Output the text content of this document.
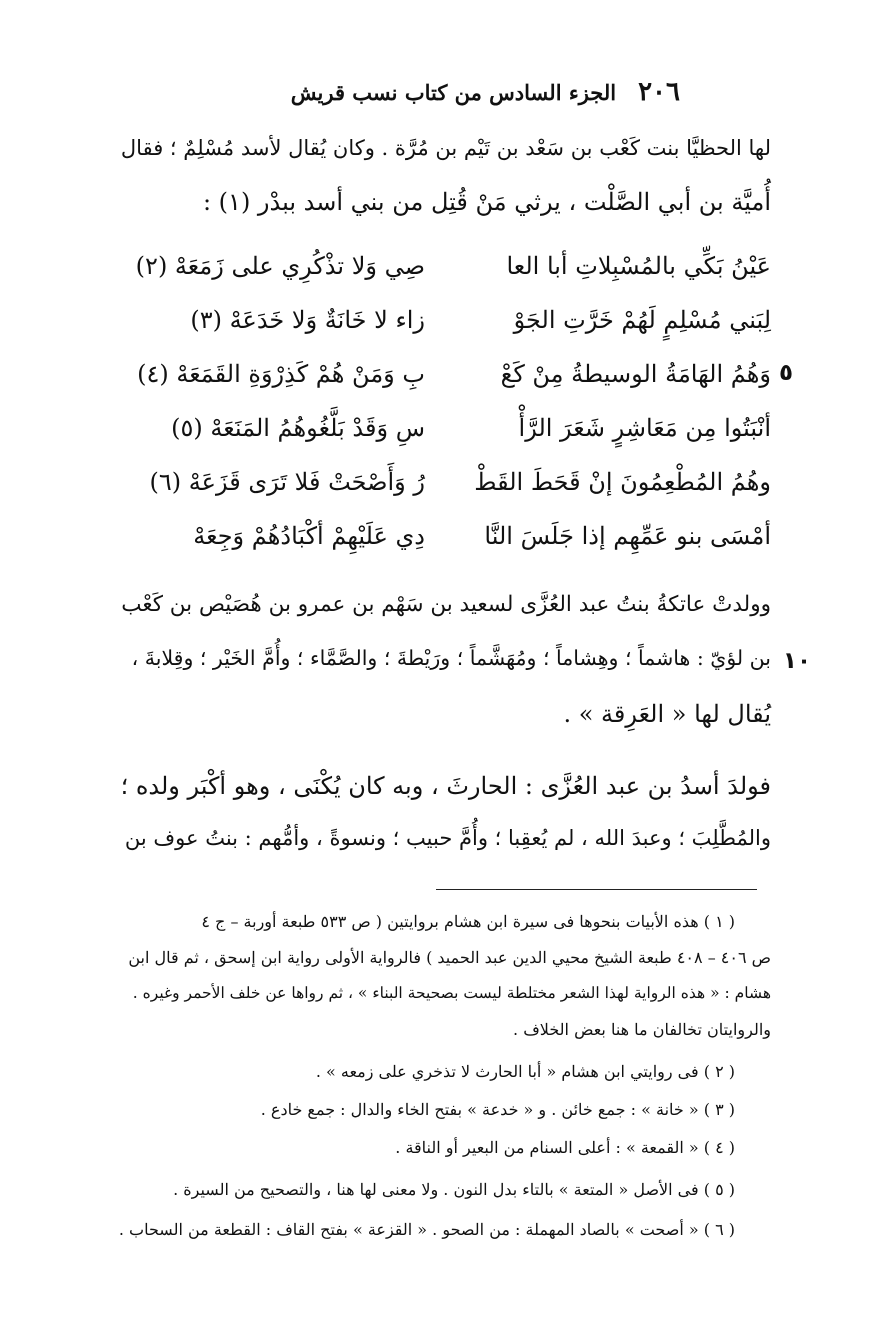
٢٠٦
الجزء السادس من كتاب نسب قريش
لها الحظيَّا بنت كَعْب بن سَعْد بن تَيْم بن مُرَّة . وكان يُقال لأسد مُسْلِمٌ ؛ فقال
أُميَّة بن أبي الصَّلْت ، يرثي مَنْ قُتِل من بني أسد ببدْر (١) :
عَيْنُ بَكِّي بالمُسْبِلاتِ أبا العا
صِي وَلا تذْكُرِي على زَمَعَهْ (٢)
لِبَني مُسْلِمٍ لَهُمْ خَرَّتِ الجَوْ
زاء لا خَانَةٌ وَلا خَدَعَهْ (٣)
وَهُمُ الهَامَةُ الوسيطةُ مِنْ كَعْ
بِ وَمَنْ هُمْ كَذِرْوَةِ القَمَعَهْ (٤)	٥
أنْبَتُوا مِن مَعَاشِرٍ شَعَرَ الرَّأْ
سِ وَقَدْ بَلَّغُوهُمُ المَنَعَهْ (٥)
وهُمُ المُطْعِمُونَ إنْ قَحَطَ القَطْ
رُ وَأَصْحَتْ فَلا تَرَى قَزَعَهْ (٦)
أمْسَى بنو عَمِّهِم إذا جَلَسَ النَّا
دِي عَلَيْهِمْ أكْبَادُهُمْ وَجِعَهْ
وولدتْ عاتكةُ بنتُ عبد العُزَّى لسعيد بن سَهْم بن عمرو بن هُصَيْص بن كَعْب
بن لؤيّ : هاشماً ؛ وهِشاماً ؛ ومُهَشَّماً ؛ ورَيْطةَ ؛ والصَّمَّاء ؛ وأُمَّ الخَيْر ؛ وقِلابةَ ، ١٠
يُقال لها « العَرِقة » .
فولدَ أسدُ بن عبد العُزَّى : الحارثَ ، وبه كان يُكْنَى ، وهو أكْبَر ولده ؛
والمُطَّلِبَ ؛ وعبدَ الله ، لم يُعقِبا ؛ وأُمَّ حبيب ؛ ونسوةً ، وأمُّهم : بنتُ عوف بن
( ١ ) هذه الأبيات بنحوها فى سيرة ابن هشام بروايتين ( ص ٥٣٣ طبعة أوربة – ج ٤
ص ٤٠٦ – ٤٠٨ طبعة الشيخ محيي الدين عبد الحميد ) فالرواية الأولى رواية ابن إسحق ، ثم قال ابن
هشام : « هذه الرواية لهذا الشعر مختلطة ليست بصحيحة البناء » ، ثم رواها عن خلف الأحمر وغيره .
والروايتان تخالفان ما هنا بعض الخلاف .
( ٢ ) فى روايتي ابن هشام « أبا الحارث لا تذخري على زمعه » .
( ٣ ) « خانة » : جمع خائن . و « خدعة » بفتح الخاء والدال : جمع خادع .
( ٤ ) « القمعة » : أعلى السنام من البعير أو الناقة .
( ٥ ) فى الأصل « المتعة » بالتاء بدل النون . ولا معنى لها هنا ، والتصحيح من السيرة .
( ٦ ) « أصحت » بالصاد المهملة : من الصحو . « القزعة » بفتح القاف : القطعة من السحاب .
